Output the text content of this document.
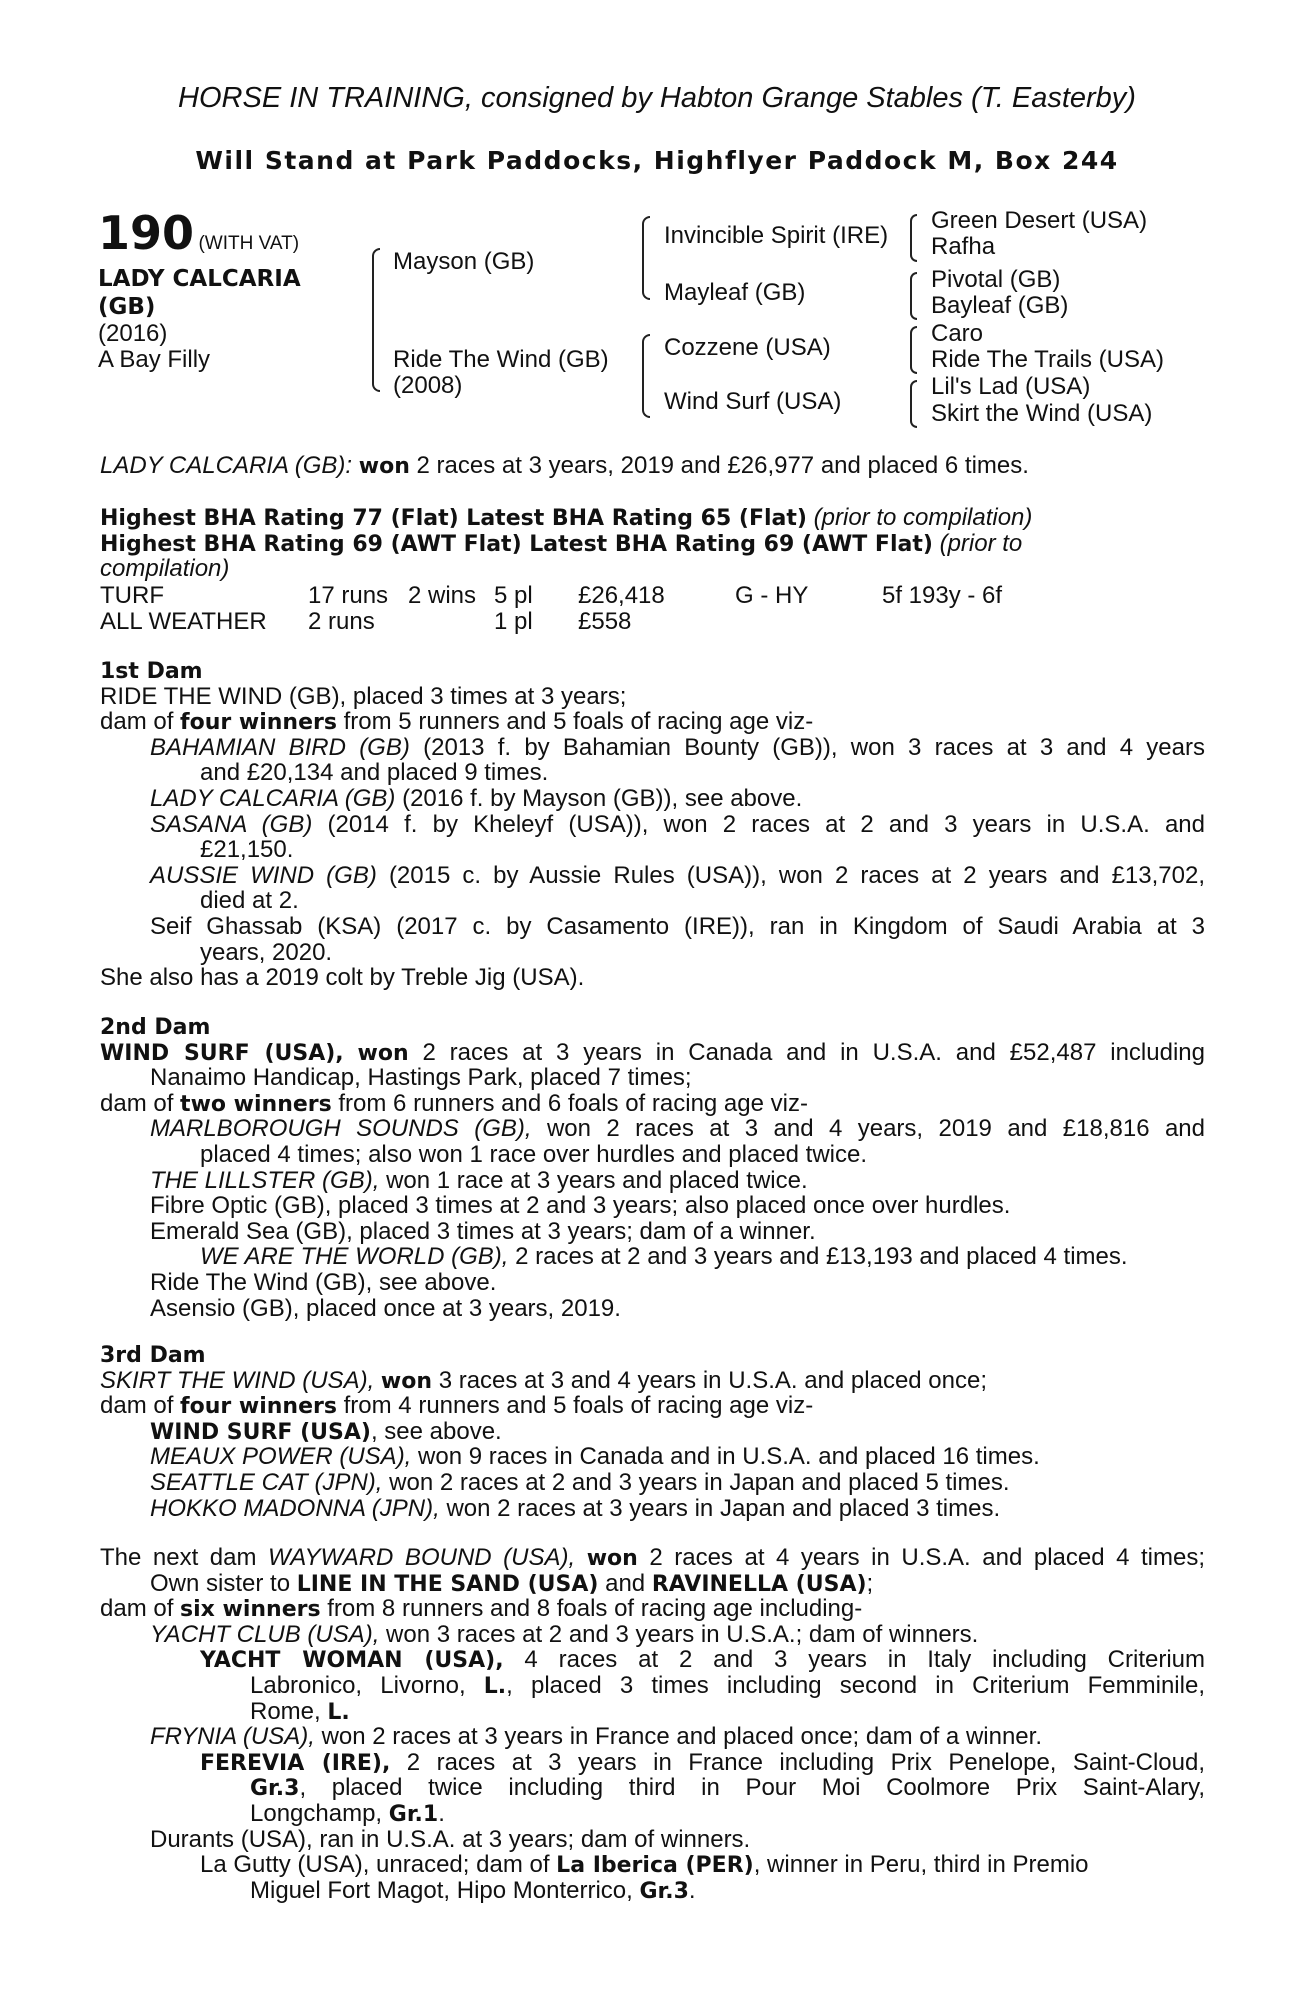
HORSE IN TRAINING, consigned by Habton Grange Stables (T. Easterby)
Will Stand at Park Paddocks, Highflyer Paddock M, Box 244
190 (WITH VAT)
LADY CALCARIA
(GB)
(2016)
A Bay Filly
Mayson (GB)
Ride The Wind (GB)
(2008)
Invincible Spirit (IRE)
Mayleaf (GB)
Cozzene (USA)
Wind Surf (USA)
Green Desert (USA)
Rafha
Pivotal (GB)
Bayleaf (GB)
Caro
Ride The Trails (USA)
Lil's Lad (USA)
Skirt the Wind (USA)
LADY CALCARIA (GB): won 2 races at 3 years, 2019 and £26,977 and placed 6 times.
Highest BHA Rating 77 (Flat) Latest BHA Rating 65 (Flat) (prior to compilation)
Highest BHA Rating 69 (AWT Flat) Latest BHA Rating 69 (AWT Flat) (prior to
compilation)
TURF	17 runs 2 wins 5 pl £26,418	G - HY	5f 193y - 6f
ALL WEATHER 2 runs	1 pl £558
1st Dam
RIDE THE WIND (GB), placed 3 times at 3 years;
dam of four winners from 5 runners and 5 foals of racing age viz-
BAHAMIAN BIRD (GB) (2013 f. by Bahamian Bounty (GB)), won 3 races at 3 and 4 years
and £20,134 and placed 9 times.
LADY CALCARIA (GB) (2016 f. by Mayson (GB)), see above.
SASANA (GB) (2014 f. by Kheleyf (USA)), won 2 races at 2 and 3 years in U.S.A. and
£21,150.
AUSSIE WIND (GB) (2015 c. by Aussie Rules (USA)), won 2 races at 2 years and £13,702,
died at 2.
Seif Ghassab (KSA) (2017 c. by Casamento (IRE)), ran in Kingdom of Saudi Arabia at 3
years, 2020.
She also has a 2019 colt by Treble Jig (USA).
2nd Dam
WIND SURF (USA), won 2 races at 3 years in Canada and in U.S.A. and £52,487 including
Nanaimo Handicap, Hastings Park, placed 7 times;
dam of two winners from 6 runners and 6 foals of racing age viz-
MARLBOROUGH SOUNDS (GB), won 2 races at 3 and 4 years, 2019 and £18,816 and
placed 4 times; also won 1 race over hurdles and placed twice.
THE LILLSTER (GB), won 1 race at 3 years and placed twice.
Fibre Optic (GB), placed 3 times at 2 and 3 years; also placed once over hurdles.
Emerald Sea (GB), placed 3 times at 3 years; dam of a winner.
WE ARE THE WORLD (GB), 2 races at 2 and 3 years and £13,193 and placed 4 times.
Ride The Wind (GB), see above.
Asensio (GB), placed once at 3 years, 2019.
3rd Dam
SKIRT THE WIND (USA), won 3 races at 3 and 4 years in U.S.A. and placed once;
dam of four winners from 4 runners and 5 foals of racing age viz-
WIND SURF (USA), see above.
MEAUX POWER (USA), won 9 races in Canada and in U.S.A. and placed 16 times.
SEATTLE CAT (JPN), won 2 races at 2 and 3 years in Japan and placed 5 times.
HOKKO MADONNA (JPN), won 2 races at 3 years in Japan and placed 3 times.
The next dam WAYWARD BOUND (USA), won 2 races at 4 years in U.S.A. and placed 4 times;
Own sister to LINE IN THE SAND (USA) and RAVINELLA (USA);
dam of six winners from 8 runners and 8 foals of racing age including-
YACHT CLUB (USA), won 3 races at 2 and 3 years in U.S.A.; dam of winners.
YACHT WOMAN (USA), 4 races at 2 and 3 years in Italy including Criterium
Labronico, Livorno, L., placed 3 times including second in Criterium Femminile,
Rome, L.
FRYNIA (USA), won 2 races at 3 years in France and placed once; dam of a winner.
FEREVIA (IRE), 2 races at 3 years in France including Prix Penelope, Saint-Cloud,
Gr.3, placed twice including third in Pour Moi Coolmore Prix Saint-Alary,
Longchamp, Gr.1.
Durants (USA), ran in U.S.A. at 3 years; dam of winners.
La Gutty (USA), unraced; dam of La Iberica (PER), winner in Peru, third in Premio
Miguel Fort Magot, Hipo Monterrico, Gr.3.
